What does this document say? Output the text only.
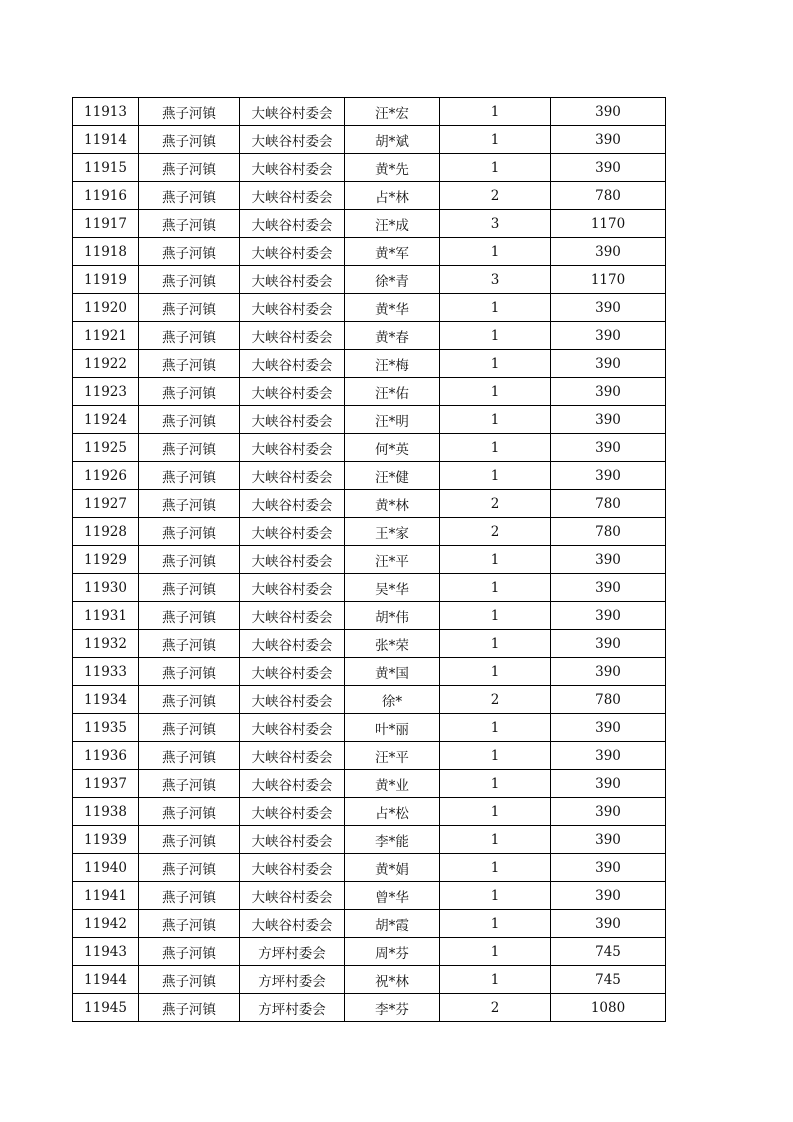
11913	燕子河镇	大峡谷村委会	汪*宏	1	390
11914	燕子河镇	大峡谷村委会	胡*斌	1	390
11915	燕子河镇	大峡谷村委会	黄*先	1	390
11916	燕子河镇	大峡谷村委会	占*林	2	780
11917	燕子河镇	大峡谷村委会	汪*成	3	1170
11918	燕子河镇	大峡谷村委会	黄*军	1	390
11919	燕子河镇	大峡谷村委会	徐*青	3	1170
11920	燕子河镇	大峡谷村委会	黄*华	1	390
11921	燕子河镇	大峡谷村委会	黄*春	1	390
11922	燕子河镇	大峡谷村委会	汪*梅	1	390
11923	燕子河镇	大峡谷村委会	汪*佑	1	390
11924	燕子河镇	大峡谷村委会	汪*明	1	390
11925	燕子河镇	大峡谷村委会	何*英	1	390
11926	燕子河镇	大峡谷村委会	汪*健	1	390
11927	燕子河镇	大峡谷村委会	黄*林	2	780
11928	燕子河镇	大峡谷村委会	王*家	2	780
11929	燕子河镇	大峡谷村委会	汪*平	1	390
11930	燕子河镇	大峡谷村委会	吴*华	1	390
11931	燕子河镇	大峡谷村委会	胡*伟	1	390
11932	燕子河镇	大峡谷村委会	张*荣	1	390
11933	燕子河镇	大峡谷村委会	黄*国	1	390
11934	燕子河镇	大峡谷村委会	徐*	2	780
11935	燕子河镇	大峡谷村委会	叶*丽	1	390
11936	燕子河镇	大峡谷村委会	汪*平	1	390
11937	燕子河镇	大峡谷村委会	黄*业	1	390
11938	燕子河镇	大峡谷村委会	占*松	1	390
11939	燕子河镇	大峡谷村委会	李*能	1	390
11940	燕子河镇	大峡谷村委会	黄*娟	1	390
11941	燕子河镇	大峡谷村委会	曾*华	1	390
11942	燕子河镇	大峡谷村委会	胡*霞	1	390
11943	燕子河镇	方坪村委会	周*芬	1	745
11944	燕子河镇	方坪村委会	祝*林	1	745
11945	燕子河镇	方坪村委会	李*芬	2	1080
